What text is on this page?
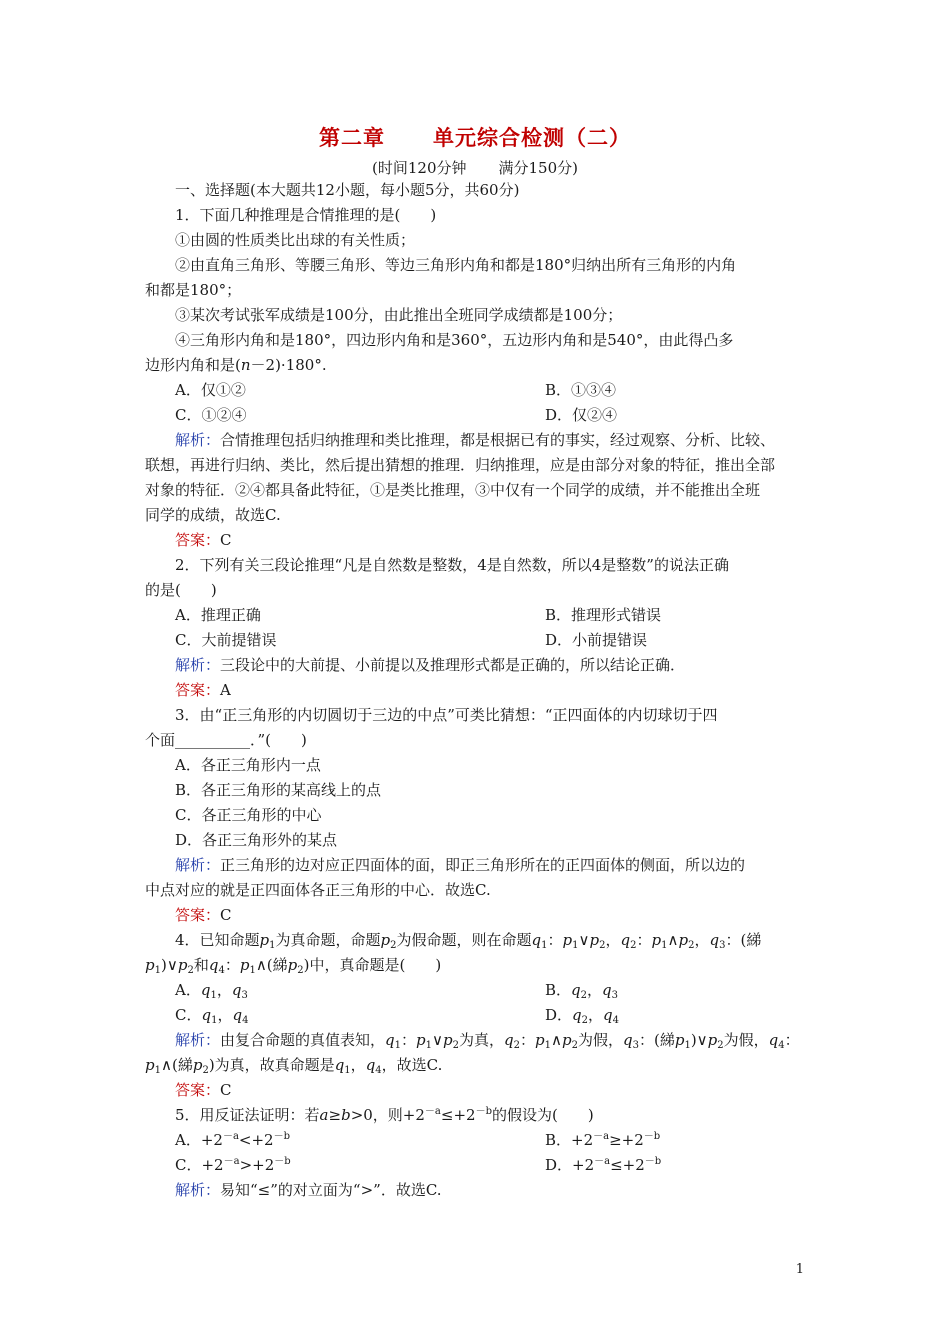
第二章 单元综合检测（二）
(时间120分钟 满分150分)
一、选择题(本大题共12小题，每小题5分，共60分)
1．下面几种推理是合情推理的是(　　)
①由圆的性质类比出球的有关性质；
②由直角三角形、等腰三角形、等边三角形内角和都是180°归纳出所有三角形的内角
和都是180°；
③某次考试张军成绩是100分，由此推出全班同学成绩都是100分；
④三角形内角和是180°，四边形内角和是360°，五边形内角和是540°，由此得凸多
边形内角和是(n－2)·180°.
A．仅①②	B．①③④
C．①②④	D．仅②④
解析：合情推理包括归纳推理和类比推理，都是根据已有的事实，经过观察、分析、比较、
联想，再进行归纳、类比，然后提出猜想的推理．归纳推理，应是由部分对象的特征，推出全部
对象的特征．②④都具备此特征，①是类比推理，③中仅有一个同学的成绩，并不能推出全班
同学的成绩，故选C.
答案：C
2．下列有关三段论推理“凡是自然数是整数，4是自然数，所以4是整数”的说法正确
的是(　　)
A．推理正确	B．推理形式错误
C．大前提错误	D．小前提错误
解析：三段论中的大前提、小前提以及推理形式都是正确的，所以结论正确．
答案：A
3．由“正三角形的内切圆切于三边的中点”可类比猜想：“正四面体的内切球切于四
个面__________．”(　　)
A．各正三角形内一点
B．各正三角形的某高线上的点
C．各正三角形的中心
D．各正三角形外的某点
解析：正三角形的边对应正四面体的面，即正三角形所在的正四面体的侧面，所以边的
中点对应的就是正四面体各正三角形的中心．故选C.
答案：C
4．已知命题$p_1$为真命题，命题$p_2$为假命题，则在命题$q_1$：$p_1\vee p_2$，$q_2$：$p_1\wedge p_2$，$q_3$：(綈
$p_1)\vee p_2$和$q_4$：$p_1\wedge$(綈$p_2$)中，真命题是(　　)
A．$q_1$，$q_3$	B．$q_2$，$q_3$
C．$q_1$，$q_4$	D．$q_2$，$q_4$
解析：由复合命题的真值表知，$q_1$：$p_1\vee p_2$为真，$q_2$：$p_1\wedge p_2$为假，$q_3$：(綈$p_1)\vee p_2$为假，$q_4$：
$p_1\wedge$(綈$p_2$)为真，故真命题是$q_1$，$q_4$，故选C.
答案：C
5．用反证法证明：若a≥b>0，则$+2^{-a}\le+2^{-b}$的假设为(　　)
A．$+2^{-a}<+2^{-b}$	B．$+2^{-a}\ge+2^{-b}$
C．$+2^{-a}>+2^{-b}$	D．$+2^{-a}\le+2^{-b}$
解析：易知“≤”的对立面为“>”．故选C.
1
